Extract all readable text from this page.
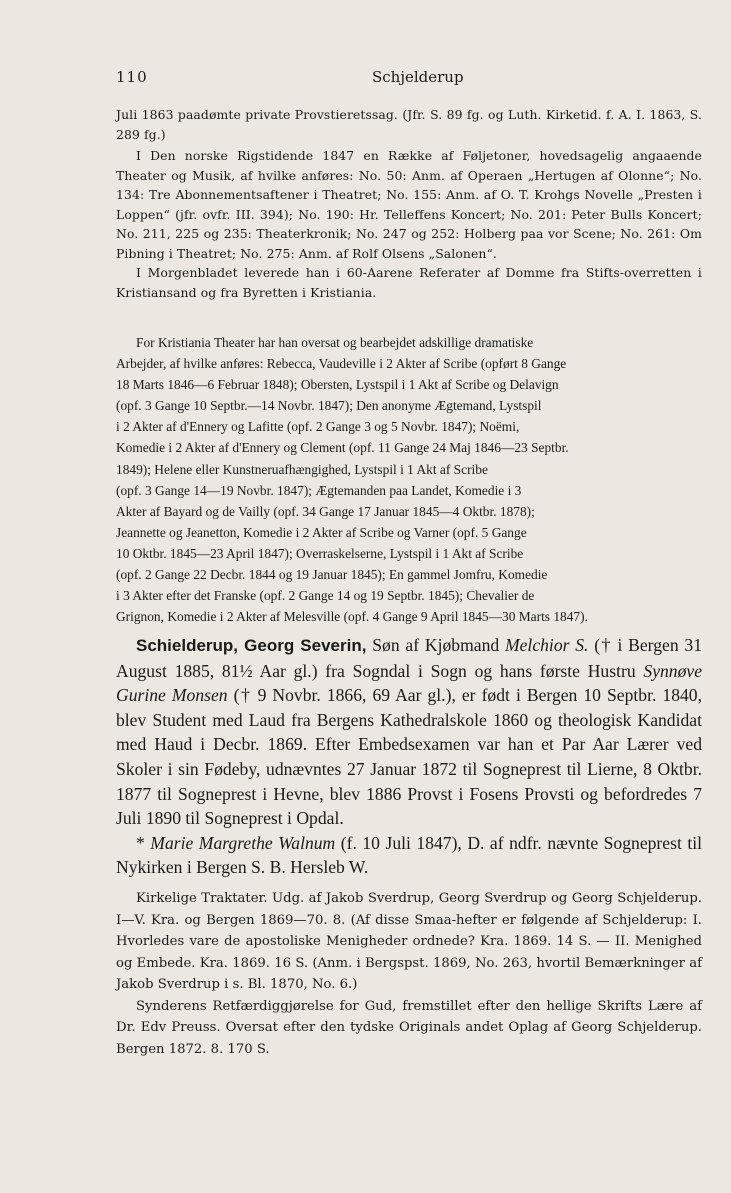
110	Schjelderup

Juli 1863 paadømte private Provstieretssag. (Jfr. S. 89 fg. og Luth. Kirketid. f. A. I. 1863, S. 289 fg.)

I Den norske Rigstidende 1847 en Række af Føljetoner, hovedsagelig angaaende Theater og Musik, af hvilke anføres: No. 50: Anm. af Operaen „Hertugen af Olonne“; No. 134: Tre Abonnementsaftener i Theatret; No. 155: Anm. af O. T. Krohgs Novelle „Presten i Loppen“ (jfr. ovfr. III. 394); No. 190: Hr. Telleffens Koncert; No. 201: Peter Bulls Koncert; No. 211, 225 og 235: Theaterkronik; No. 247 og 252: Holberg paa vor Scene; No. 261: Om Pibning i Theatret; No. 275: Anm. af Rolf Olsens „Salonen“.

I Morgenbladet leverede han i 60-Aarene Referater af Domme fra Stifts-overretten i Kristiansand og fra Byretten i Kristiania.

For Kristiania Theater har han oversat og bearbejdet adskillige dramatiske

Arbejder, af hvilke anføres: Rebecca, Vaudeville i 2 Akter af Scribe (opført 8 Gange

18 Marts 1846—6 Februar 1848); Obersten, Lystspil i 1 Akt af Scribe og Delavign

(opf. 3 Gange 10 Septbr.—14 Novbr. 1847); Den anonyme Ægtemand, Lystspil

i 2 Akter af d'Ennery og Lafitte (opf. 2 Gange 3 og 5 Novbr. 1847); Noëmi,

Komedie i 2 Akter af d'Ennery og Clement (opf. 11 Gange 24 Maj 1846—23 Septbr.

1849); Helene eller Kunstneruafhængighed, Lystspil i 1 Akt af Scribe

(opf. 3 Gange 14—19 Novbr. 1847); Ægtemanden paa Landet, Komedie i 3

Akter af Bayard og de Vailly (opf. 34 Gange 17 Januar 1845—4 Oktbr. 1878);

Jeannette og Jeanetton, Komedie i 2 Akter af Scribe og Varner (opf. 5 Gange

10 Oktbr. 1845—23 April 1847); Overraskelserne, Lystspil i 1 Akt af Scribe

(opf. 2 Gange 22 Decbr. 1844 og 19 Januar 1845); En gammel Jomfru, Komedie

i 3 Akter efter det Franske (opf. 2 Gange 14 og 19 Septbr. 1845); Chevalier de

Grignon, Komedie i 2 Akter af Melesville (opf. 4 Gange 9 April 1845—30 Marts 1847).

Schielderup, Georg Severin, Søn af Kjøbmand Melchior S. († i Bergen 31 August 1885, 81½ Aar gl.) fra Sogndal i Sogn og hans første Hustru Synnøve Gurine Monsen († 9 Novbr. 1866, 69 Aar gl.), er født i Bergen 10 Septbr. 1840, blev Student med Laud fra Bergens Kathedralskole 1860 og theologisk Kandidat med Haud i Decbr. 1869. Efter Embedsexamen var han et Par Aar Lærer ved Skoler i sin Fødeby, udnævntes 27 Januar 1872 til Sogneprest til Lierne, 8 Oktbr. 1877 til Sogneprest i Hevne, blev 1886 Provst i Fosens Provsti og befordredes 7 Juli 1890 til Sogneprest i Opdal.

* Marie Margrethe Walnum (f. 10 Juli 1847), D. af ndfr. nævnte Sogneprest til Nykirken i Bergen S. B. Hersleb W.

Kirkelige Traktater. Udg. af Jakob Sverdrup, Georg Sverdrup og Georg Schjelderup. I—V. Kra. og Bergen 1869—70. 8. (Af disse Smaa-hefter er følgende af Schjelderup: I. Hvorledes vare de apostoliske Menigheder ordnede? Kra. 1869. 14 S. — II. Menighed og Embede. Kra. 1869. 16 S. (Anm. i Bergspst. 1869, No. 263, hvortil Bemærkninger af Jakob Sverdrup i s. Bl. 1870, No. 6.)

Synderens Retfærdiggjørelse for Gud, fremstillet efter den hellige Skrifts Lære af Dr. Edv Preuss. Oversat efter den tydske Originals andet Oplag af Georg Schjelderup. Bergen 1872. 8. 170 S.
